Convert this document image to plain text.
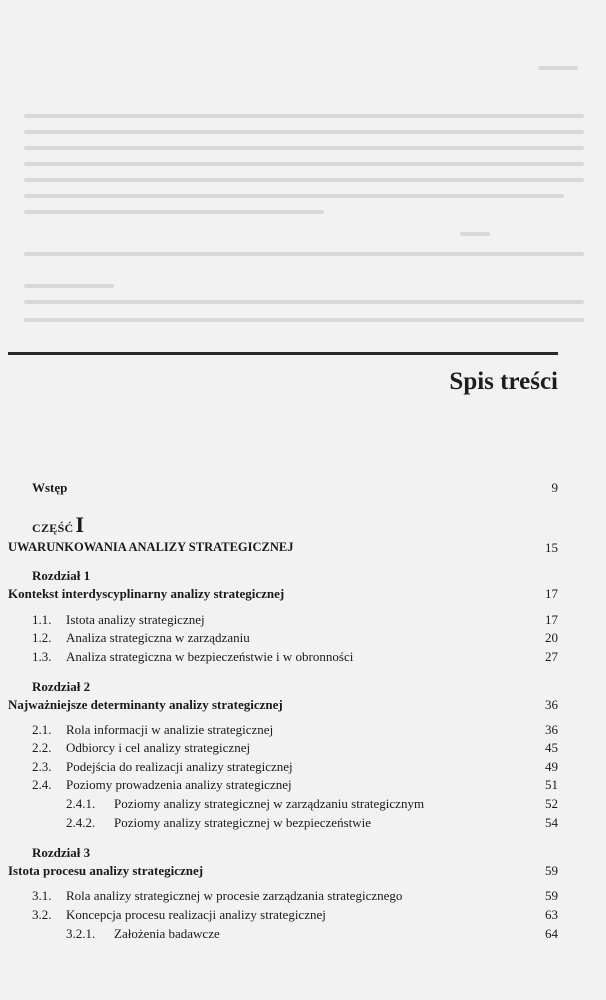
Spis treści
Wstęp	9
CZĘŚĆI
UWARUNKOWANIA ANALIZY STRATEGICZNEJ	15
Rozdział 1
Kontekst interdyscyplinarny analizy strategicznej	17
1.1. Istota analizy strategicznej	17
1.2. Analiza strategiczna w zarządzaniu	20
1.3. Analiza strategiczna w bezpieczeństwie i w obronności	27
Rozdział 2
Najważniejsze determinanty analizy strategicznej	36
2.1. Rola informacji w analizie strategicznej	36
2.2. Odbiorcy i cel analizy strategicznej	45
2.3. Podejścia do realizacji analizy strategicznej	49
2.4. Poziomy prowadzenia analizy strategicznej	51
2.4.1. Poziomy analizy strategicznej w zarządzaniu strategicznym	52
2.4.2. Poziomy analizy strategicznej w bezpieczeństwie	54
Rozdział 3
Istota procesu analizy strategicznej	59
3.1. Rola analizy strategicznej w procesie zarządzania strategicznego	59
3.2. Koncepcja procesu realizacji analizy strategicznej	63
3.2.1. Założenia badawcze	64
